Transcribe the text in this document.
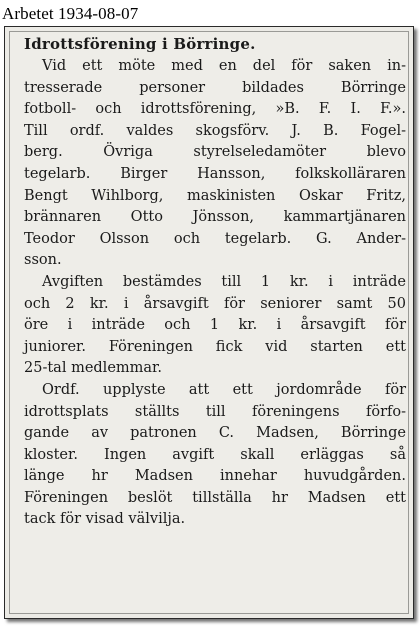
Arbetet 1934-08-07
Idrottsförening i Börringe.
Vid ett möte med en del för saken in-
tresserade personer bildades Börringe
fotboll- och idrottsförening, »B. F. I. F.».
Till ordf. valdes skogsförv. J. B. Fogel-
berg. Övriga styrelseledamöter blevo
tegelarb. Birger Hansson, folkskolläraren
Bengt Wihlborg, maskinisten Oskar Fritz,
brännaren Otto Jönsson, kammartjänaren
Teodor Olsson och tegelarb. G. Ander-
sson.
Avgiften bestämdes till 1 kr. i inträde
och 2 kr. i årsavgift för seniorer samt 50
öre i inträde och 1 kr. i årsavgift för
juniorer. Föreningen fick vid starten ett
25-tal medlemmar.
Ordf. upplyste att ett jordområde för
idrottsplats ställts till föreningens förfo-
gande av patronen C. Madsen, Börringe
kloster. Ingen avgift skall erläggas så
länge hr Madsen innehar huvudgården.
Föreningen beslöt tillställa hr Madsen ett
tack för visad välvilja.
